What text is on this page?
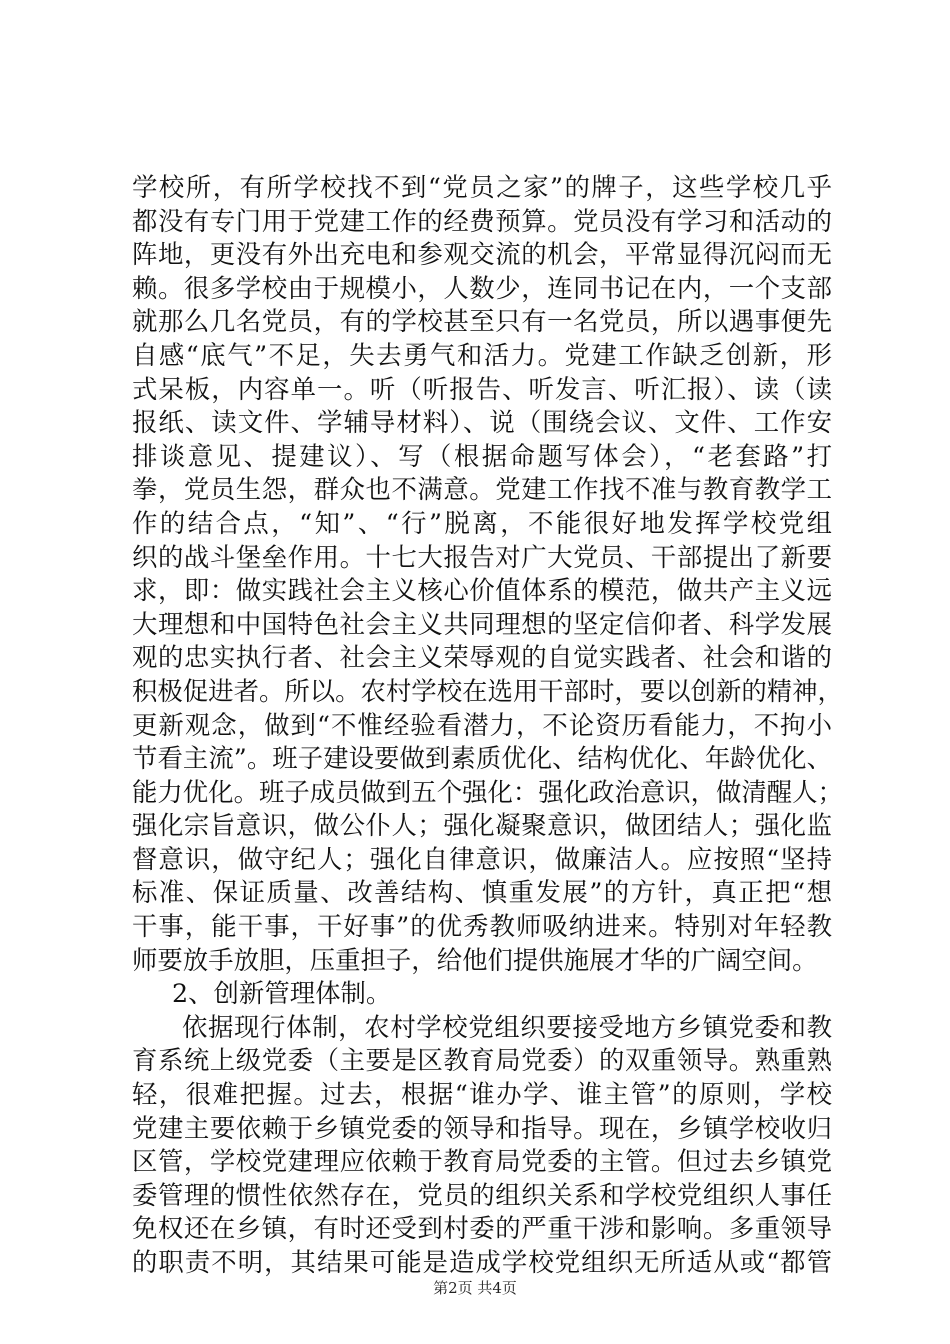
学校所，有所学校找不到“党员之家”的牌子，这些学校几乎
都没有专门用于党建工作的经费预算。党员没有学习和活动的
阵地，更没有外出充电和参观交流的机会，平常显得沉闷而无
赖。很多学校由于规模小，人数少，连同书记在内，一个支部
就那么几名党员，有的学校甚至只有一名党员，所以遇事便先
自感“底气”不足，失去勇气和活力。党建工作缺乏创新，形
式呆板，内容单一。听（听报告、听发言、听汇报）、读（读
报纸、读文件、学辅导材料）、说（围绕会议、文件、工作安
排谈意见、提建议）、写（根据命题写体会），“老套路”打
拳，党员生怨，群众也不满意。党建工作找不准与教育教学工
作的结合点，“知”、“行”脱离，不能很好地发挥学校党组
织的战斗堡垒作用。十七大报告对广大党员、干部提出了新要
求，即：做实践社会主义核心价值体系的模范，做共产主义远
大理想和中国特色社会主义共同理想的坚定信仰者、科学发展
观的忠实执行者、社会主义荣辱观的自觉实践者、社会和谐的
积极促进者。所以。农村学校在选用干部时，要以创新的精神，
更新观念，做到“不惟经验看潜力，不论资历看能力，不拘小
节看主流”。班子建设要做到素质优化、结构优化、年龄优化、
能力优化。班子成员做到五个强化：强化政治意识，做清醒人；
强化宗旨意识，做公仆人；强化凝聚意识，做团结人；强化监
督意识，做守纪人；强化自律意识，做廉洁人。应按照“坚持
标准、保证质量、改善结构、慎重发展”的方针，真正把“想
干事，能干事，干好事”的优秀教师吸纳进来。特别对年轻教
师要放手放胆，压重担子，给他们提供施展才华的广阔空间。
2、创新管理体制。
依据现行体制，农村学校党组织要接受地方乡镇党委和教
育系统上级党委（主要是区教育局党委）的双重领导。熟重熟
轻，很难把握。过去，根据“谁办学、谁主管”的原则，学校
党建主要依赖于乡镇党委的领导和指导。现在，乡镇学校收归
区管，学校党建理应依赖于教育局党委的主管。但过去乡镇党
委管理的惯性依然存在，党员的组织关系和学校党组织人事任
免权还在乡镇，有时还受到村委的严重干涉和影响。多重领导
的职责不明，其结果可能是造成学校党组织无所适从或“都管
第2页 共4页
